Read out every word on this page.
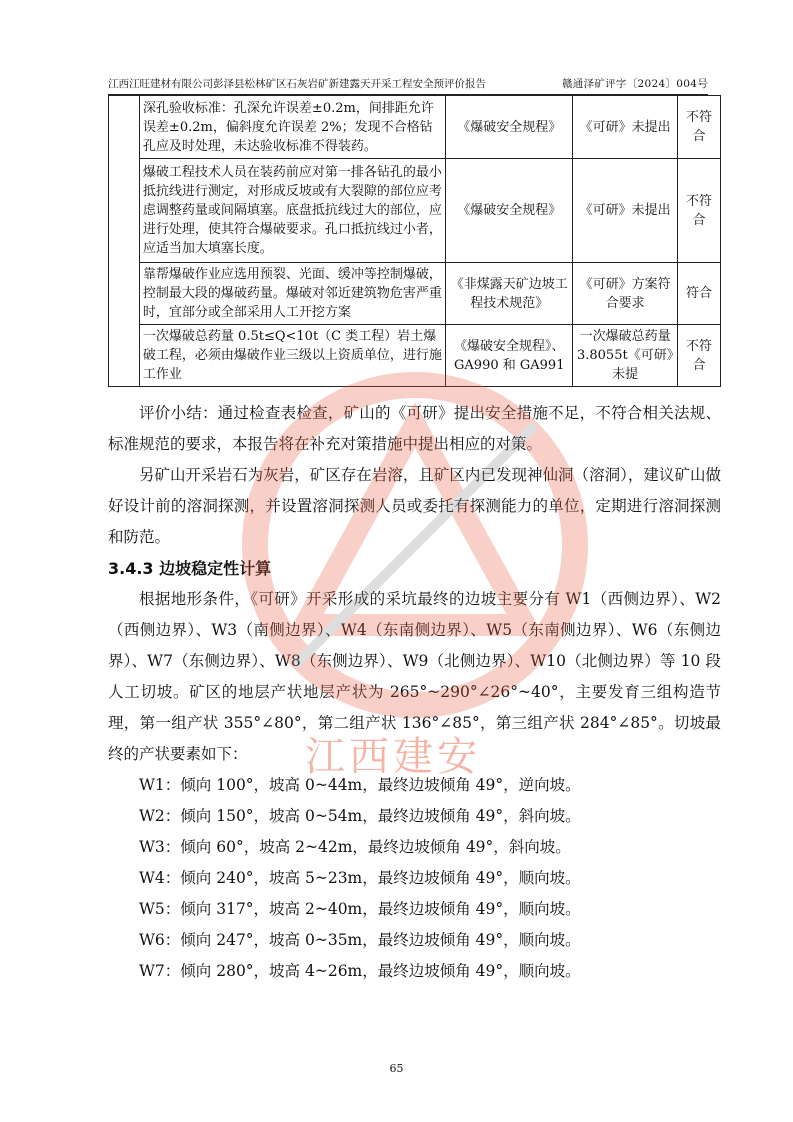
江西江旺建材有限公司彭泽县松林矿区石灰岩矿新建露天开采工程安全预评价报告	赣通泽矿评字〔2024〕004号
	深孔验收标准：孔深允许误差±0.2m，间排距允许误差±0.2m，偏斜度允许误差 2%；发现不合格钻孔应及时处理，未达验收标准不得装药。	《爆破安全规程》	《可研》未提出	不符合
	爆破工程技术人员在装药前应对第一排各钻孔的最小抵抗线进行测定，对形成反坡或有大裂隙的部位应考虑调整药量或间隔填塞。底盘抵抗线过大的部位，应进行处理，使其符合爆破要求。孔口抵抗线过小者，应适当加大填塞长度。	《爆破安全规程》	《可研》未提出	不符合
	靠帮爆破作业应选用预裂、光面、缓冲等控制爆破，控制最大段的爆破药量。爆破对邻近建筑物危害严重时，宜部分或全部采用人工开挖方案	《非煤露天矿边坡工程技术规范》	《可研》方案符合要求	符合
	一次爆破总药量 0.5t≤Q<10t（C 类工程）岩土爆破工程，必须由爆破作业三级以上资质单位，进行施工作业	《爆破安全规程》、GA990 和 GA991	一次爆破总药量 3.8055t《可研》未提	不符合

评价小结：通过检查表检查，矿山的《可研》提出安全措施不足，不符合相关法规、标准规范的要求，本报告将在补充对策措施中提出相应的对策。

另矿山开采岩石为灰岩，矿区存在岩溶，且矿区内已发现神仙洞（溶洞），建议矿山做好设计前的溶洞探测，并设置溶洞探测人员或委托有探测能力的单位，定期进行溶洞探测和防范。

3.4.3 边坡稳定性计算

根据地形条件，《可研》开采形成的采坑最终的边坡主要分有 W1（西侧边界）、W2（西侧边界）、W3（南侧边界）、W4（东南侧边界）、W5（东南侧边界）、W6（东侧边界）、W7（东侧边界）、W8（东侧边界）、W9（北侧边界）、W10（北侧边界）等 10 段人工切坡。矿区的地层产状地层产状为 265°~290°∠26°~40°，主要发育三组构造节理，第一组产状 355°∠80°，第二组产状 136°∠85°，第三组产状 284°∠85°。切坡最终的产状要素如下：

W1：倾向 100°，坡高 0~44m，最终边坡倾角 49°，逆向坡。

W2：倾向 150°，坡高 0~54m，最终边坡倾角 49°，斜向坡。

W3：倾向 60°，坡高 2~42m，最终边坡倾角 49°，斜向坡。

W4：倾向 240°，坡高 5~23m，最终边坡倾角 49°，顺向坡。

W5：倾向 317°，坡高 2~40m，最终边坡倾角 49°，顺向坡。

W6：倾向 247°，坡高 0~35m，最终边坡倾角 49°，顺向坡。

W7：倾向 280°，坡高 4~26m，最终边坡倾角 49°，顺向坡。

江西建安
65
